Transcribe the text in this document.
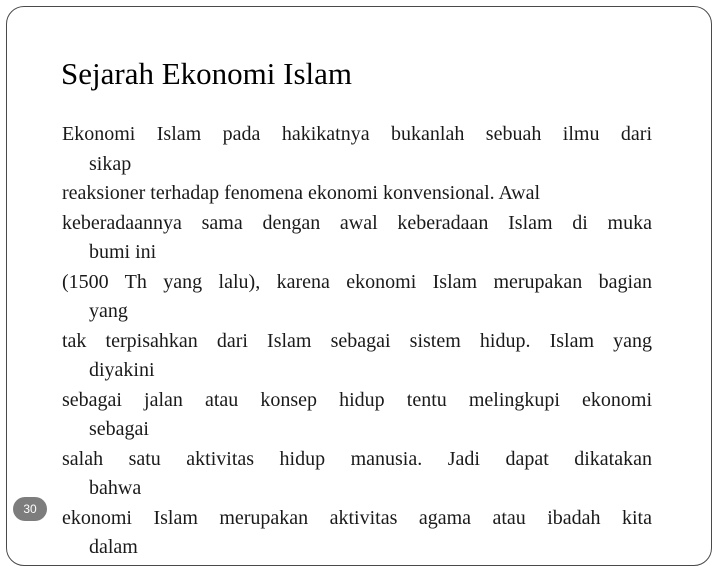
Sejarah Ekonomi Islam
Ekonomi Islam pada hakikatnya bukanlah sebuah ilmu dari
sikap
reaksioner terhadap fenomena ekonomi konvensional. Awal
keberadaannya sama dengan awal keberadaan Islam di muka
bumi ini
(1500 Th yang lalu), karena ekonomi Islam merupakan bagian
yang
tak terpisahkan dari Islam sebagai sistem hidup. Islam yang
diyakini
sebagai jalan atau konsep hidup tentu melingkupi ekonomi
sebagai
salah satu aktivitas hidup manusia. Jadi dapat dikatakan
bahwa
ekonomi Islam merupakan aktivitas agama atau ibadah kita
dalam
30
